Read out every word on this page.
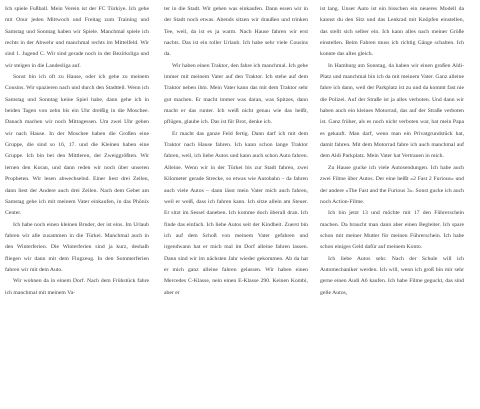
Ich spiele Fußball. Mein Verein ist der FC Türkiye. Ich gehe mit Onur jeden Mittwoch und Freitag zum Training und Samstag und Sonntag haben wir Spiele. Manchmal spiele ich rechts in der Abwehr und manchmal rechts im Mittelfeld. Wir sind 1. Jugend C. Wir sind gerade noch in der Bezirksliga und wir steigen in die Landesliga auf.

Sonst bin ich oft zu Hause, oder ich gehe zu meinem Cousins. Wir spazieren nach und durch den Stadtteil. Wenn ich Samstag und Sonntag keine Spiel habe, dann gehe ich in beiden Tagen von zehn bis ein Uhr dreißig in die Moschee. Danach machen wir noch Mittagessen. Um zwei Uhr gehen wir nach Hause. In der Moschee haben die Großen eine Gruppe, die sind so 16, 17. und die Kleinen haben eine Gruppe. Ich bin bei den Mittleren, der Zweiggrößten. Wir lernen den Koran, und dann reden wir noch über unseren Propheten. Wir lesen abwechselnd. Einer liest drei Zeilen, dann liest der Andere auch drei Zeilen. Nach dem Gebet am Samstag gehe ich mit meinem Vater einkaufen, in das Phönix Center.

Ich habe noch einen kleinen Bruder, der ist eins. Im Urlaub fahren wir alle zusammen in die Türkei. Manchmal auch in den Winterferien. Die Winterferien sind ja kurz, deshalb fliegen wir dann mit dem Flugzeug. In den Sommerferien fahren wir mit dem Auto.

Wir wohnen da in einem Dorf. Nach dem Frühstück fahre ich manchmal mit meinem Va-

ter in die Stadt. Wir gehen was einkaufen. Dann essen wir in der Stadt noch etwas. Abends sitzen wir draußen und trinken Tee, weil, da ist es ja warm. Nach Hause fahren wir erst nachts. Das ist ein toller Urlaub. Ich habe sehr viele Cousins da.

Wir haben einen Traktor, den fahre ich manchmal. Ich gehe immer mit meinem Vater auf den Traktor. Ich stehe auf dem Traktor neben ihm. Mein Vater kann das mit dem Traktor sehr gut machen. Er macht immer was daran, was Spitzes, dann macht er das runter. Ich weiß nicht genau wie das heißt, pflügen, glaube ich. Das ist für Brot, denke ich.

Er macht das ganze Feld fertig. Dann darf ich mit dem Traktor nach Hause fahren. Ich kann schon lange Traktor fahren, weil, ich liebe Autos und kann auch schon Auto fahren. Alleine. Wenn wir in der Türkei bis zur Stadt fahren, zwei Kilometer gerade Strecke, so etwas wie Autobahn – da fahren auch viele Autos – dann lässt mein Vater mich auch fahren, weil er weiß, dass ich fahren kann. Ich sitze allein am Steuer. Er sitzt im Sessel daneben. Ich komme doch überall dran. Ich finde das einfach. Ich liebe Autos seit der Kindheit. Zuerst bin ich auf dem Schoß von meinem Vater gefahren und irgendwann hat er mich mal im Dorf alleine fahren lassen. Dann sind wir im nächsten Jahr wieder gekommen. Ab da hat er mich ganz alleine fahren gelassen. Wir haben einen Mercedes C-Klasse, nein einen E-Klasse 290. Keinen Kombi, aber er

ist lang. Unser Auto ist ein bisschen ein neueres Modell da kannst du den Sitz und das Lenkrad mit Knöpfen einstellen, das stellt sich selber ein. Ich kann alles nach meiner Größe einstellen. Beim Fahren muss ich richtig Gänge schalten. Ich konnte das alles gleich.

In Hamburg am Sonntag, da haben wir einen großen Aldi-Platz und manchmal bin ich da mit meinem Vater. Ganz alleine fahre ich dann, weil der Parkplatz ist zu und da kommt fast nie die Polizei. Auf der Straße ist ja alles verboten. Und dann wir haben auch ein kleines Motorrad, das auf der Straße verboten ist. Ganz früher, als es noch nicht verboten war, hat mein Papa es gekauft. Man darf, wenn man ein Privatgrundstück hat, damit fahren. Mit dem Motorrad fahre ich auch manchmal auf dem Aldi Parkplatz. Mein Vater hat Vertrauen in mich.

Zu Hause gucke ich viele Autosendungen. Ich habe auch zwei Filme über Autos. Der eine heißt »2 Fast 2 Furious« und der andere »The Fast and the Furious 3«. Sonst gucke ich auch noch Action-Filme.

Ich bin jetzt 13 und möchte mit 17 den Führerschein machen. Da braucht man dann aber einen Begleiter. Ich spare schon mit meiner Mutter für meinen Führerschein. Ich habe schon einiges Geld dafür auf meinem Konto.

Ich liebe Autos sehr. Nach der Schule will ich Automechaniker werden. Ich will, wenn ich groß bin mir sehr gerne einen Audi A6 kaufen. Ich habe Filme geguckt, das sind gelle Autos,
